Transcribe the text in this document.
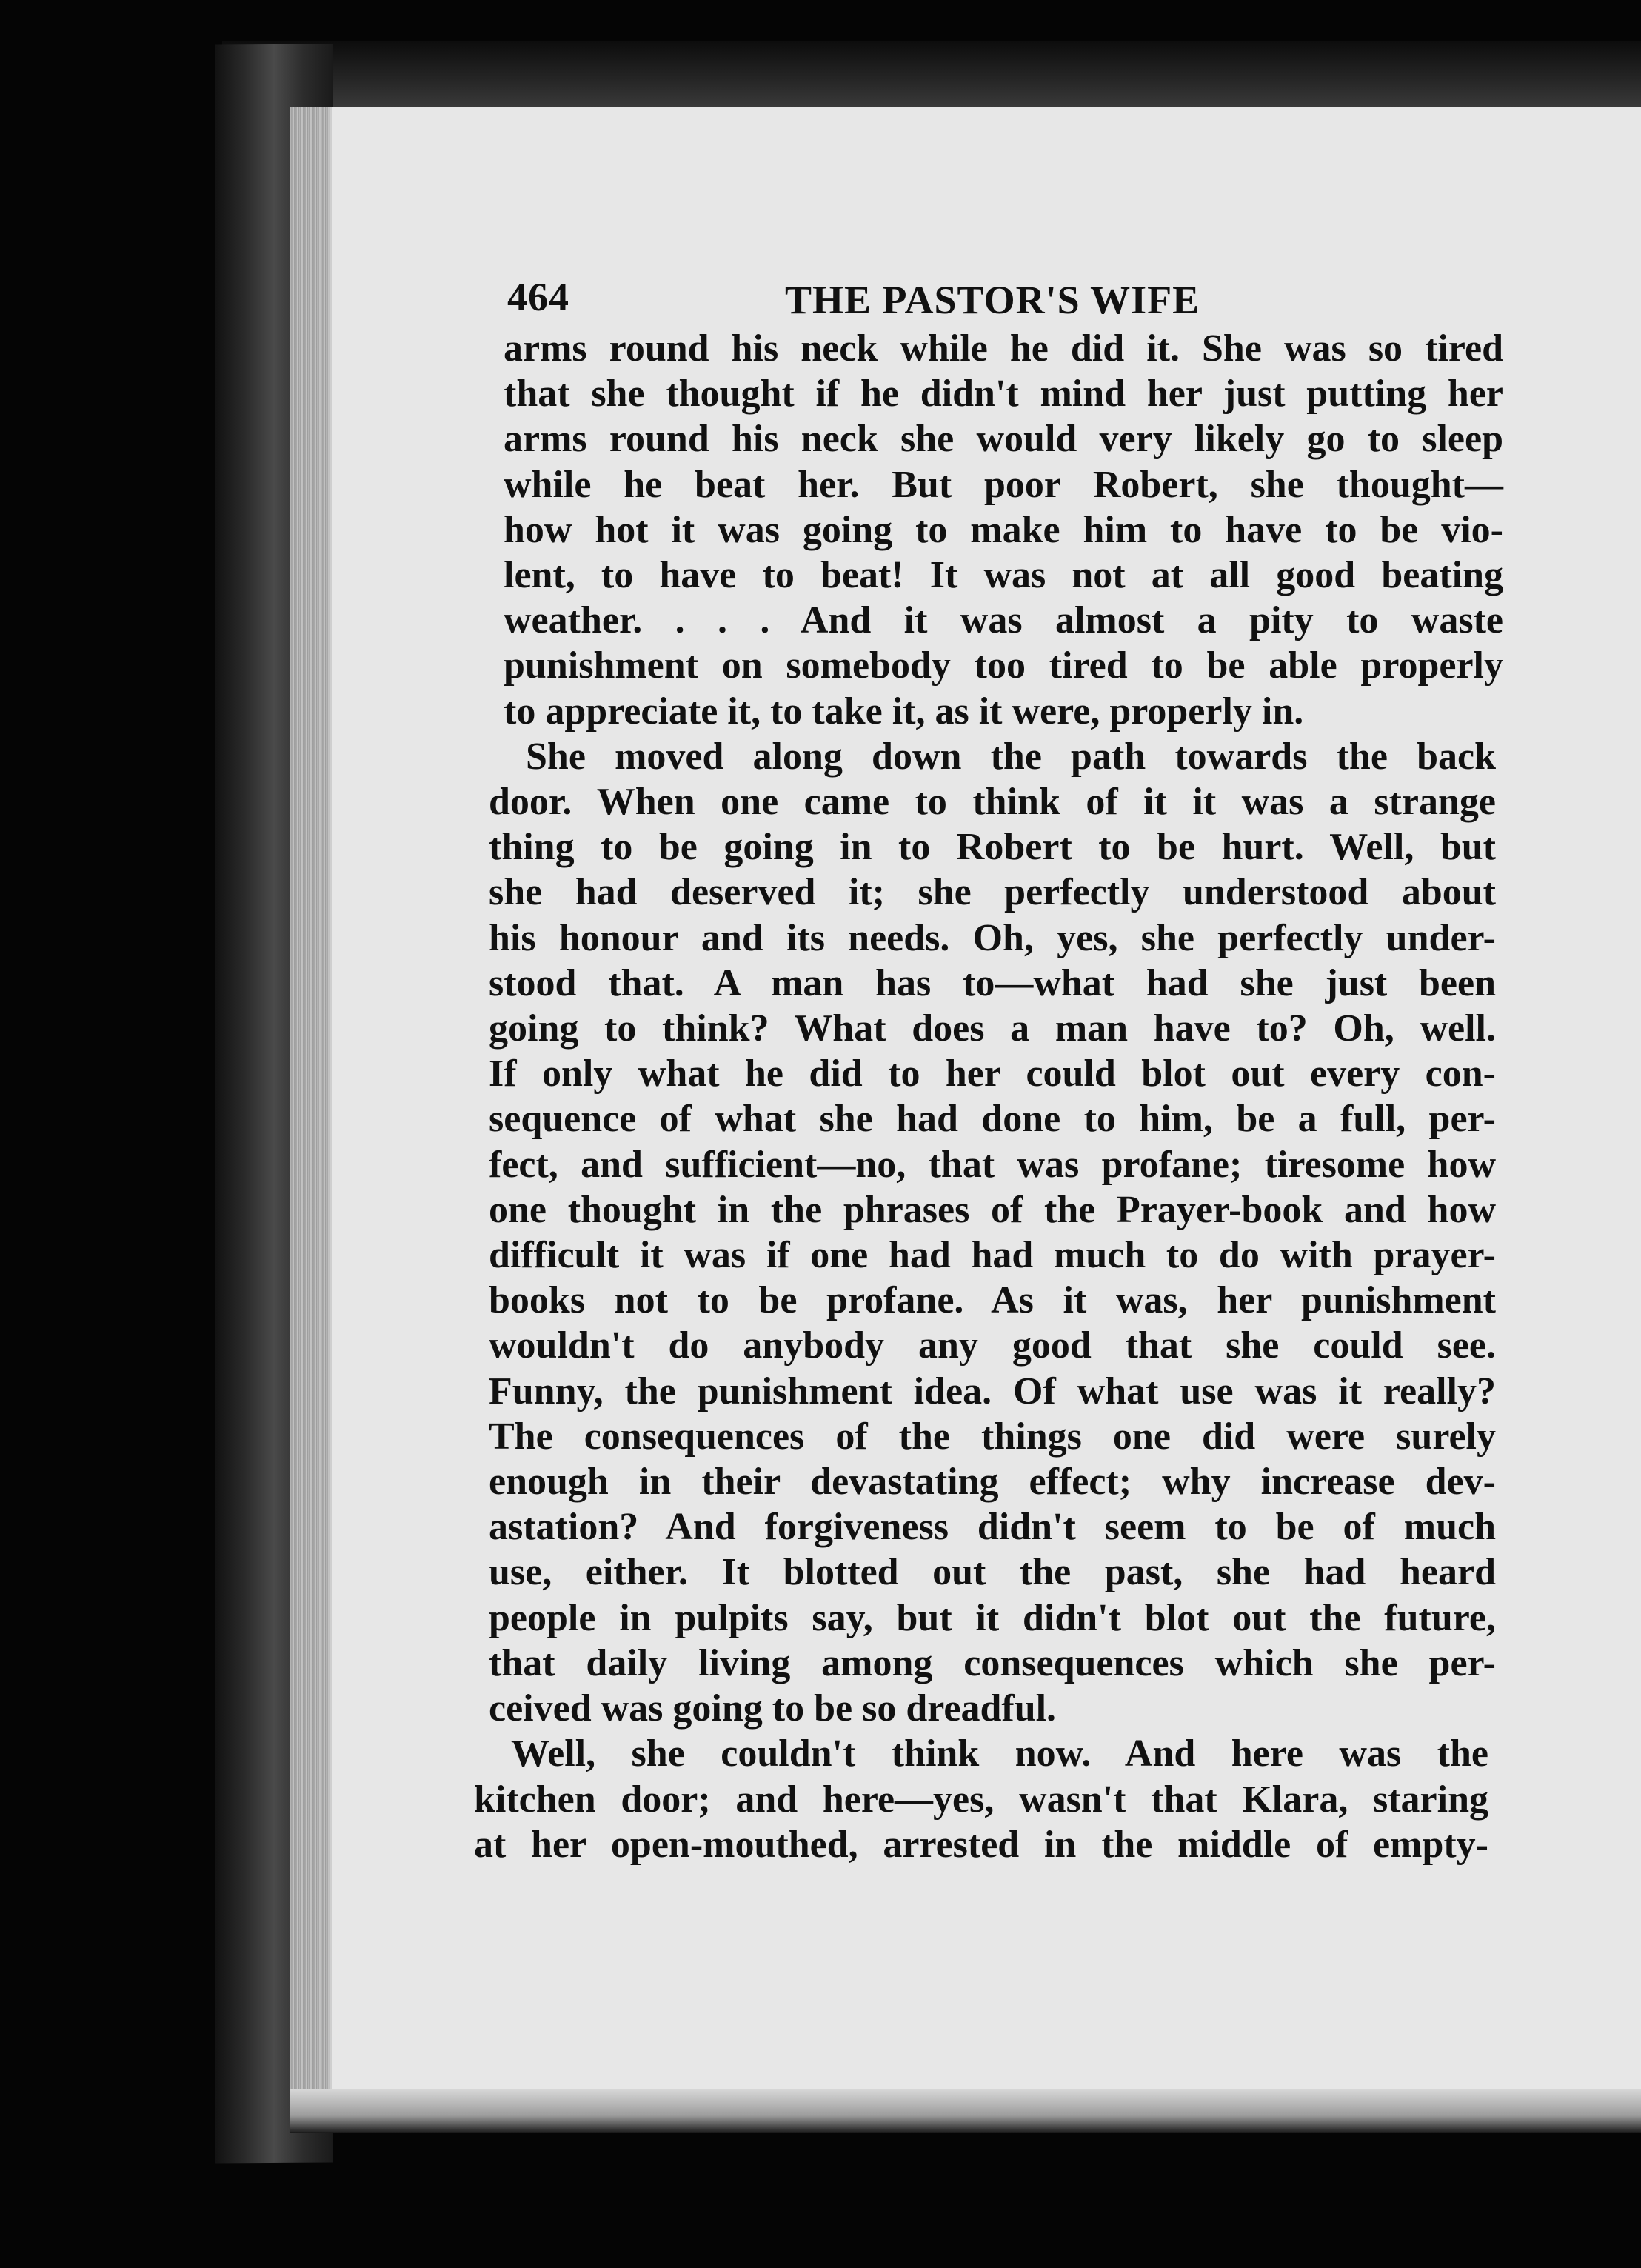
464	THE PASTOR'S WIFE

arms round his neck while he did it. She was so tired
that she thought if he didn't mind her just putting her
arms round his neck she would very likely go to sleep
while he beat her. But poor Robert, she thought—
how hot it was going to make him to have to be vio-
lent, to have to beat! It was not at all good beating
weather. . . . And it was almost a pity to waste
punishment on somebody too tired to be able properly
to appreciate it, to take it, as it were, properly in.

She moved along down the path towards the back
door. When one came to think of it it was a strange
thing to be going in to Robert to be hurt. Well, but
she had deserved it; she perfectly understood about
his honour and its needs. Oh, yes, she perfectly under-
stood that. A man has to—what had she just been
going to think? What does a man have to? Oh, well.
If only what he did to her could blot out every con-
sequence of what she had done to him, be a full, per-
fect, and sufficient—no, that was profane; tiresome how
one thought in the phrases of the Prayer-book and how
difficult it was if one had had much to do with prayer-
books not to be profane. As it was, her punishment
wouldn't do anybody any good that she could see.
Funny, the punishment idea. Of what use was it really?
The consequences of the things one did were surely
enough in their devastating effect; why increase dev-
astation? And forgiveness didn't seem to be of much
use, either. It blotted out the past, she had heard
people in pulpits say, but it didn't blot out the future,
that daily living among consequences which she per-
ceived was going to be so dreadful.

Well, she couldn't think now. And here was the
kitchen door; and here—yes, wasn't that Klara, staring
at her open-mouthed, arrested in the middle of empty-
